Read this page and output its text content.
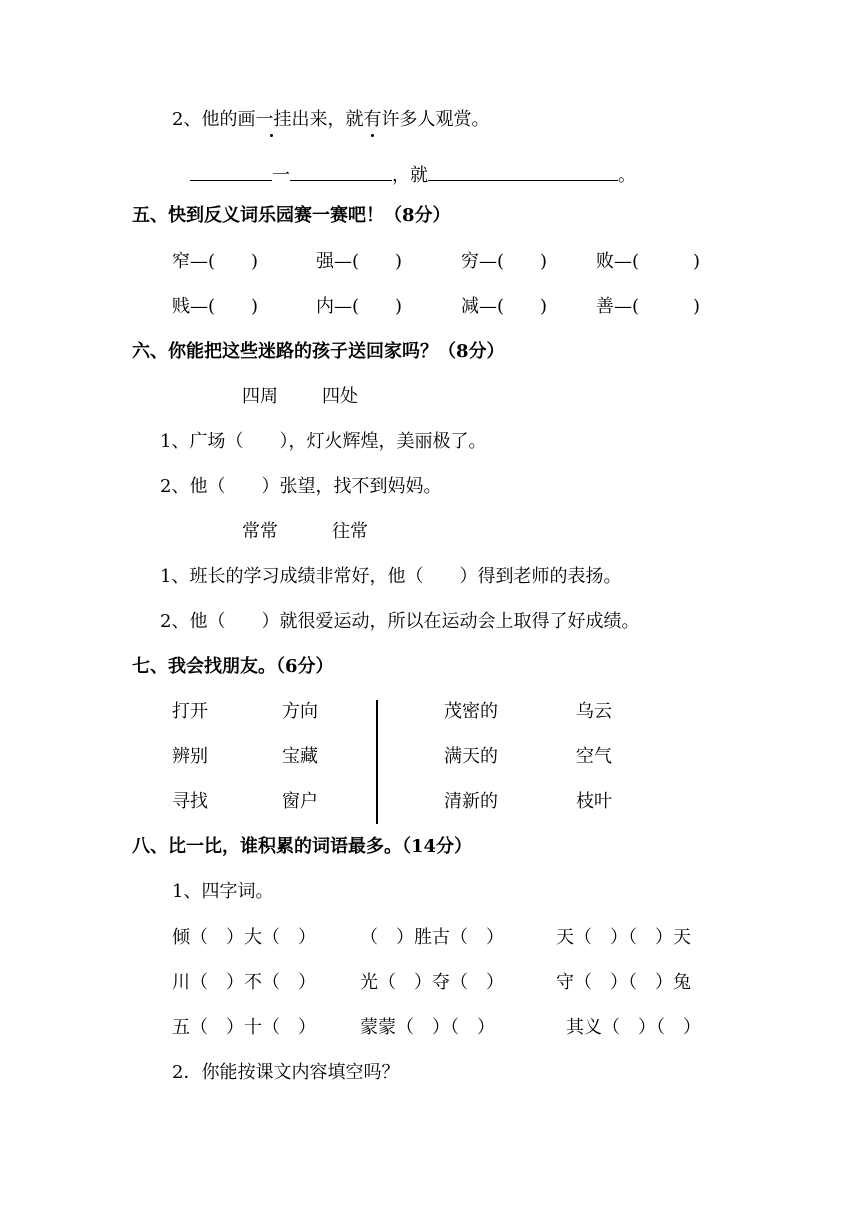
2、他的画一挂出来，就有许多人观赏。
一	，就	。
五、快到反义词乐园赛一赛吧！（8分）
窄—(　　)	强—(　　)	穷—(　　)	败—(　　　)
贱—(　　)	内—(　　)	减—(　　)	善—(　　　)
六、你能把这些迷路的孩子送回家吗？（8分）
四周 四处
1、广场（　　），灯火辉煌，美丽极了。
2、他（　　）张望，找不到妈妈。
常常	往常
1、班长的学习成绩非常好，他（　　）得到老师的表扬。
2、他（　　）就很爱运动，所以在运动会上取得了好成绩。
七、我会找朋友。（6分）
打开	方向	茂密的	乌云
辨别	宝藏	满天的	空气
寻找	窗户	清新的	枝叶
八、比一比，谁积累的词语最多。（14分）
1、四字词。
倾（　）大（　） （　）胜古（　）	天（　）（　）天
川（　）不（　） 光（　）夺（　）	守（　）（　）兔
五（　）十（　） 蒙蒙（　）（　）	其义（　）（　）
2．你能按课文内容填空吗？
